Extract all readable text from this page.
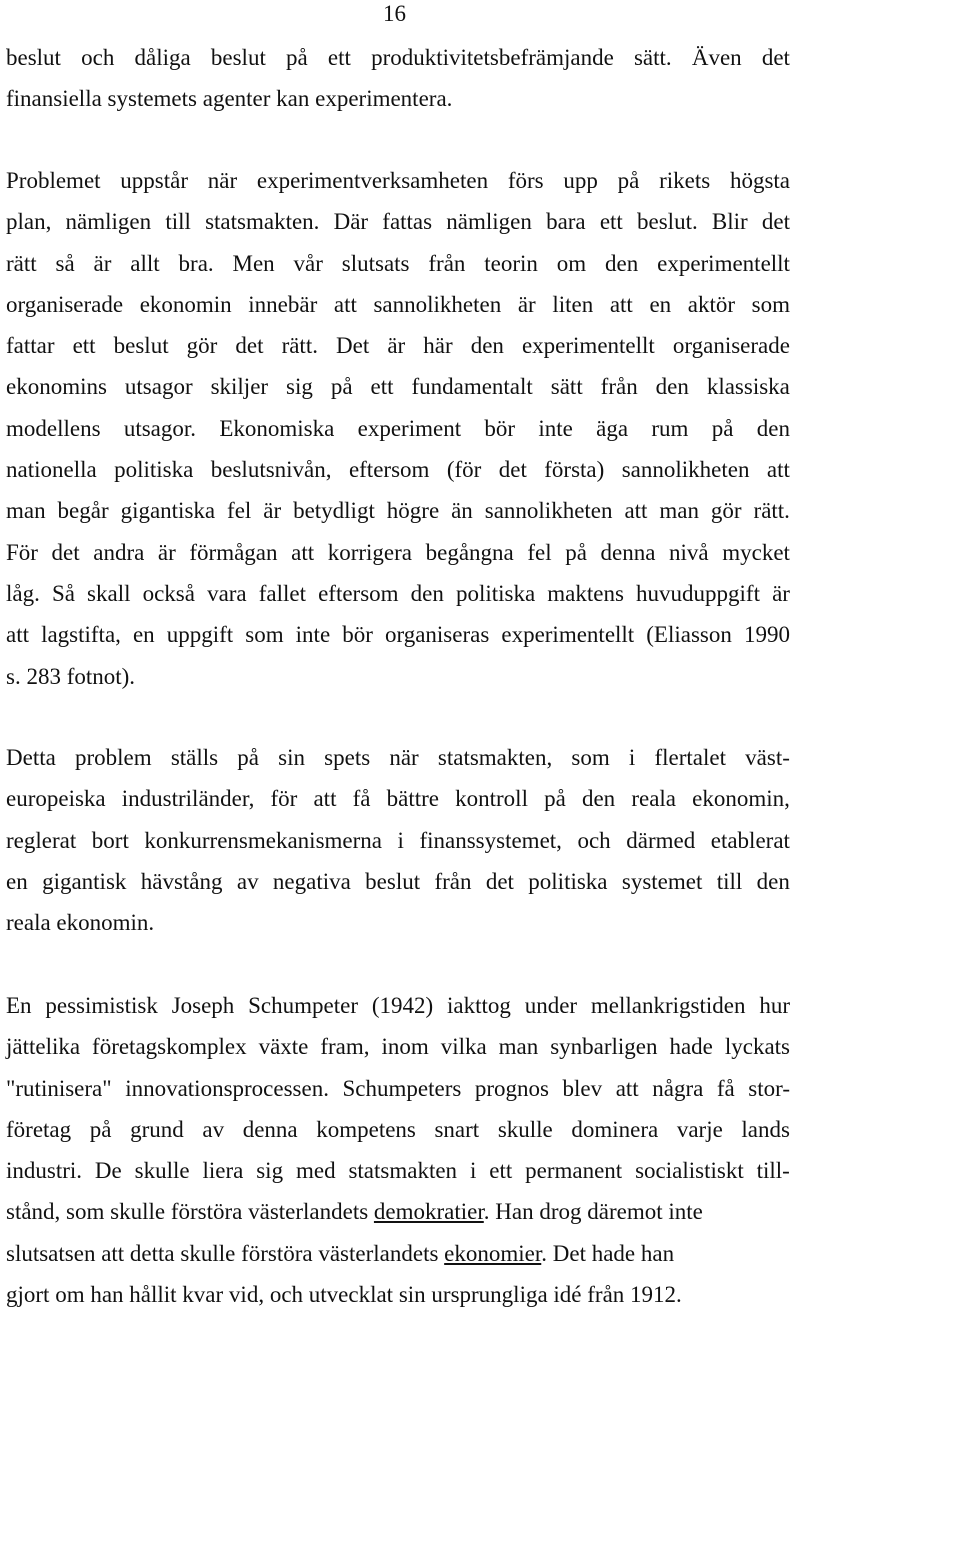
16

beslut och dåliga beslut på ett produktivitetsbefrämjande sätt. Även det
finansiella systemets agenter kan experimentera.

Problemet uppstår när experimentverksamheten förs upp på rikets högsta
plan, nämligen till statsmakten. Där fattas nämligen bara ett beslut. Blir det
rätt så är allt bra. Men vår slutsats från teorin om den experimentellt
organiserade ekonomin innebär att sannolikheten är liten att en aktör som
fattar ett beslut gör det rätt. Det är här den experimentellt organiserade
ekonomins utsagor skiljer sig på ett fundamentalt sätt från den klassiska
modellens utsagor. Ekonomiska experiment bör inte äga rum på den
nationella politiska beslutsnivån, eftersom (för det första) sannolikheten att
man begår gigantiska fel är betydligt högre än sannolikheten att man gör rätt.
För det andra är förmågan att korrigera begångna fel på denna nivå mycket
låg. Så skall också vara fallet eftersom den politiska maktens huvuduppgift är
att lagstifta, en uppgift som inte bör organiseras experimentellt (Eliasson 1990
s. 283 fotnot).

Detta problem ställs på sin spets när statsmakten, som i flertalet väst-
europeiska industriländer, för att få bättre kontroll på den reala ekonomin,
reglerat bort konkurrensmekanismerna i finanssystemet, och därmed etablerat
en gigantisk hävstång av negativa beslut från det politiska systemet till den
reala ekonomin.

En pessimistisk Joseph Schumpeter (1942) iakttog under mellankrigstiden hur
jättelika företagskomplex växte fram, inom vilka man synbarligen hade lyckats
"rutinisera" innovationsprocessen. Schumpeters prognos blev att några få stor-
företag på grund av denna kompetens snart skulle dominera varje lands
industri. De skulle liera sig med statsmakten i ett permanent socialistiskt till-
stånd, som skulle förstöra västerlandets demokratier. Han drog däremot inte
slutsatsen att detta skulle förstöra västerlandets ekonomier. Det hade han
gjort om han hållit kvar vid, och utvecklat sin ursprungliga idé från 1912.
